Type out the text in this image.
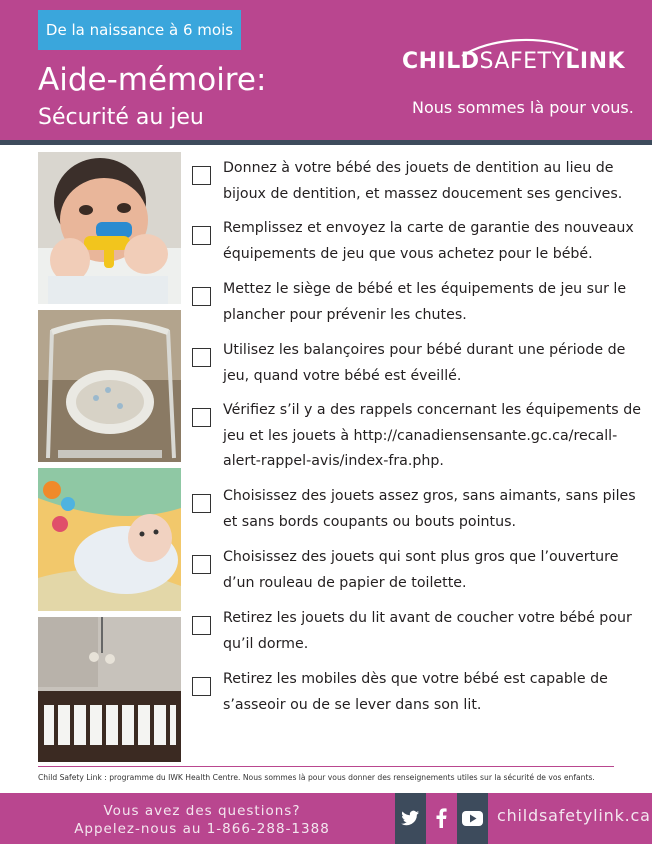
De la naissance à 6 mois
Aide-mémoire:
Sécurité au jeu
CHILDSAFETYLINK
Nous sommes là pour vous.
Donnez à votre bébé des jouets de dentition au lieu de
bijoux de dentition, et massez doucement ses gencives.
Remplissez et envoyez la carte de garantie des nouveaux
équipements de jeu que vous achetez pour le bébé.
Mettez le siège de bébé et les équipements de jeu sur le
plancher pour prévenir les chutes.
Utilisez les balançoires pour bébé durant une période de
jeu, quand votre bébé est éveillé.
Vérifiez s’il y a des rappels concernant les équipements de
jeu et les jouets à http://canadiensensante.gc.ca/recall-
alert-rappel-avis/index-fra.php.
Choisissez des jouets assez gros, sans aimants, sans piles
et sans bords coupants ou bouts pointus.
Choisissez des jouets qui sont plus gros que l’ouverture
d’un rouleau de papier de toilette.
Retirez les jouets du lit avant de coucher votre bébé pour
qu’il dorme.
Retirez les mobiles dès que votre bébé est capable de
s’asseoir ou de se lever dans son lit.
Child Safety Link : programme du IWK Health Centre. Nous sommes là pour vous donner des renseignements utiles sur la sécurité de vos enfants.
Vous avez des questions?
Appelez-nous au 1-866-288-1388
childsafetylink.ca
